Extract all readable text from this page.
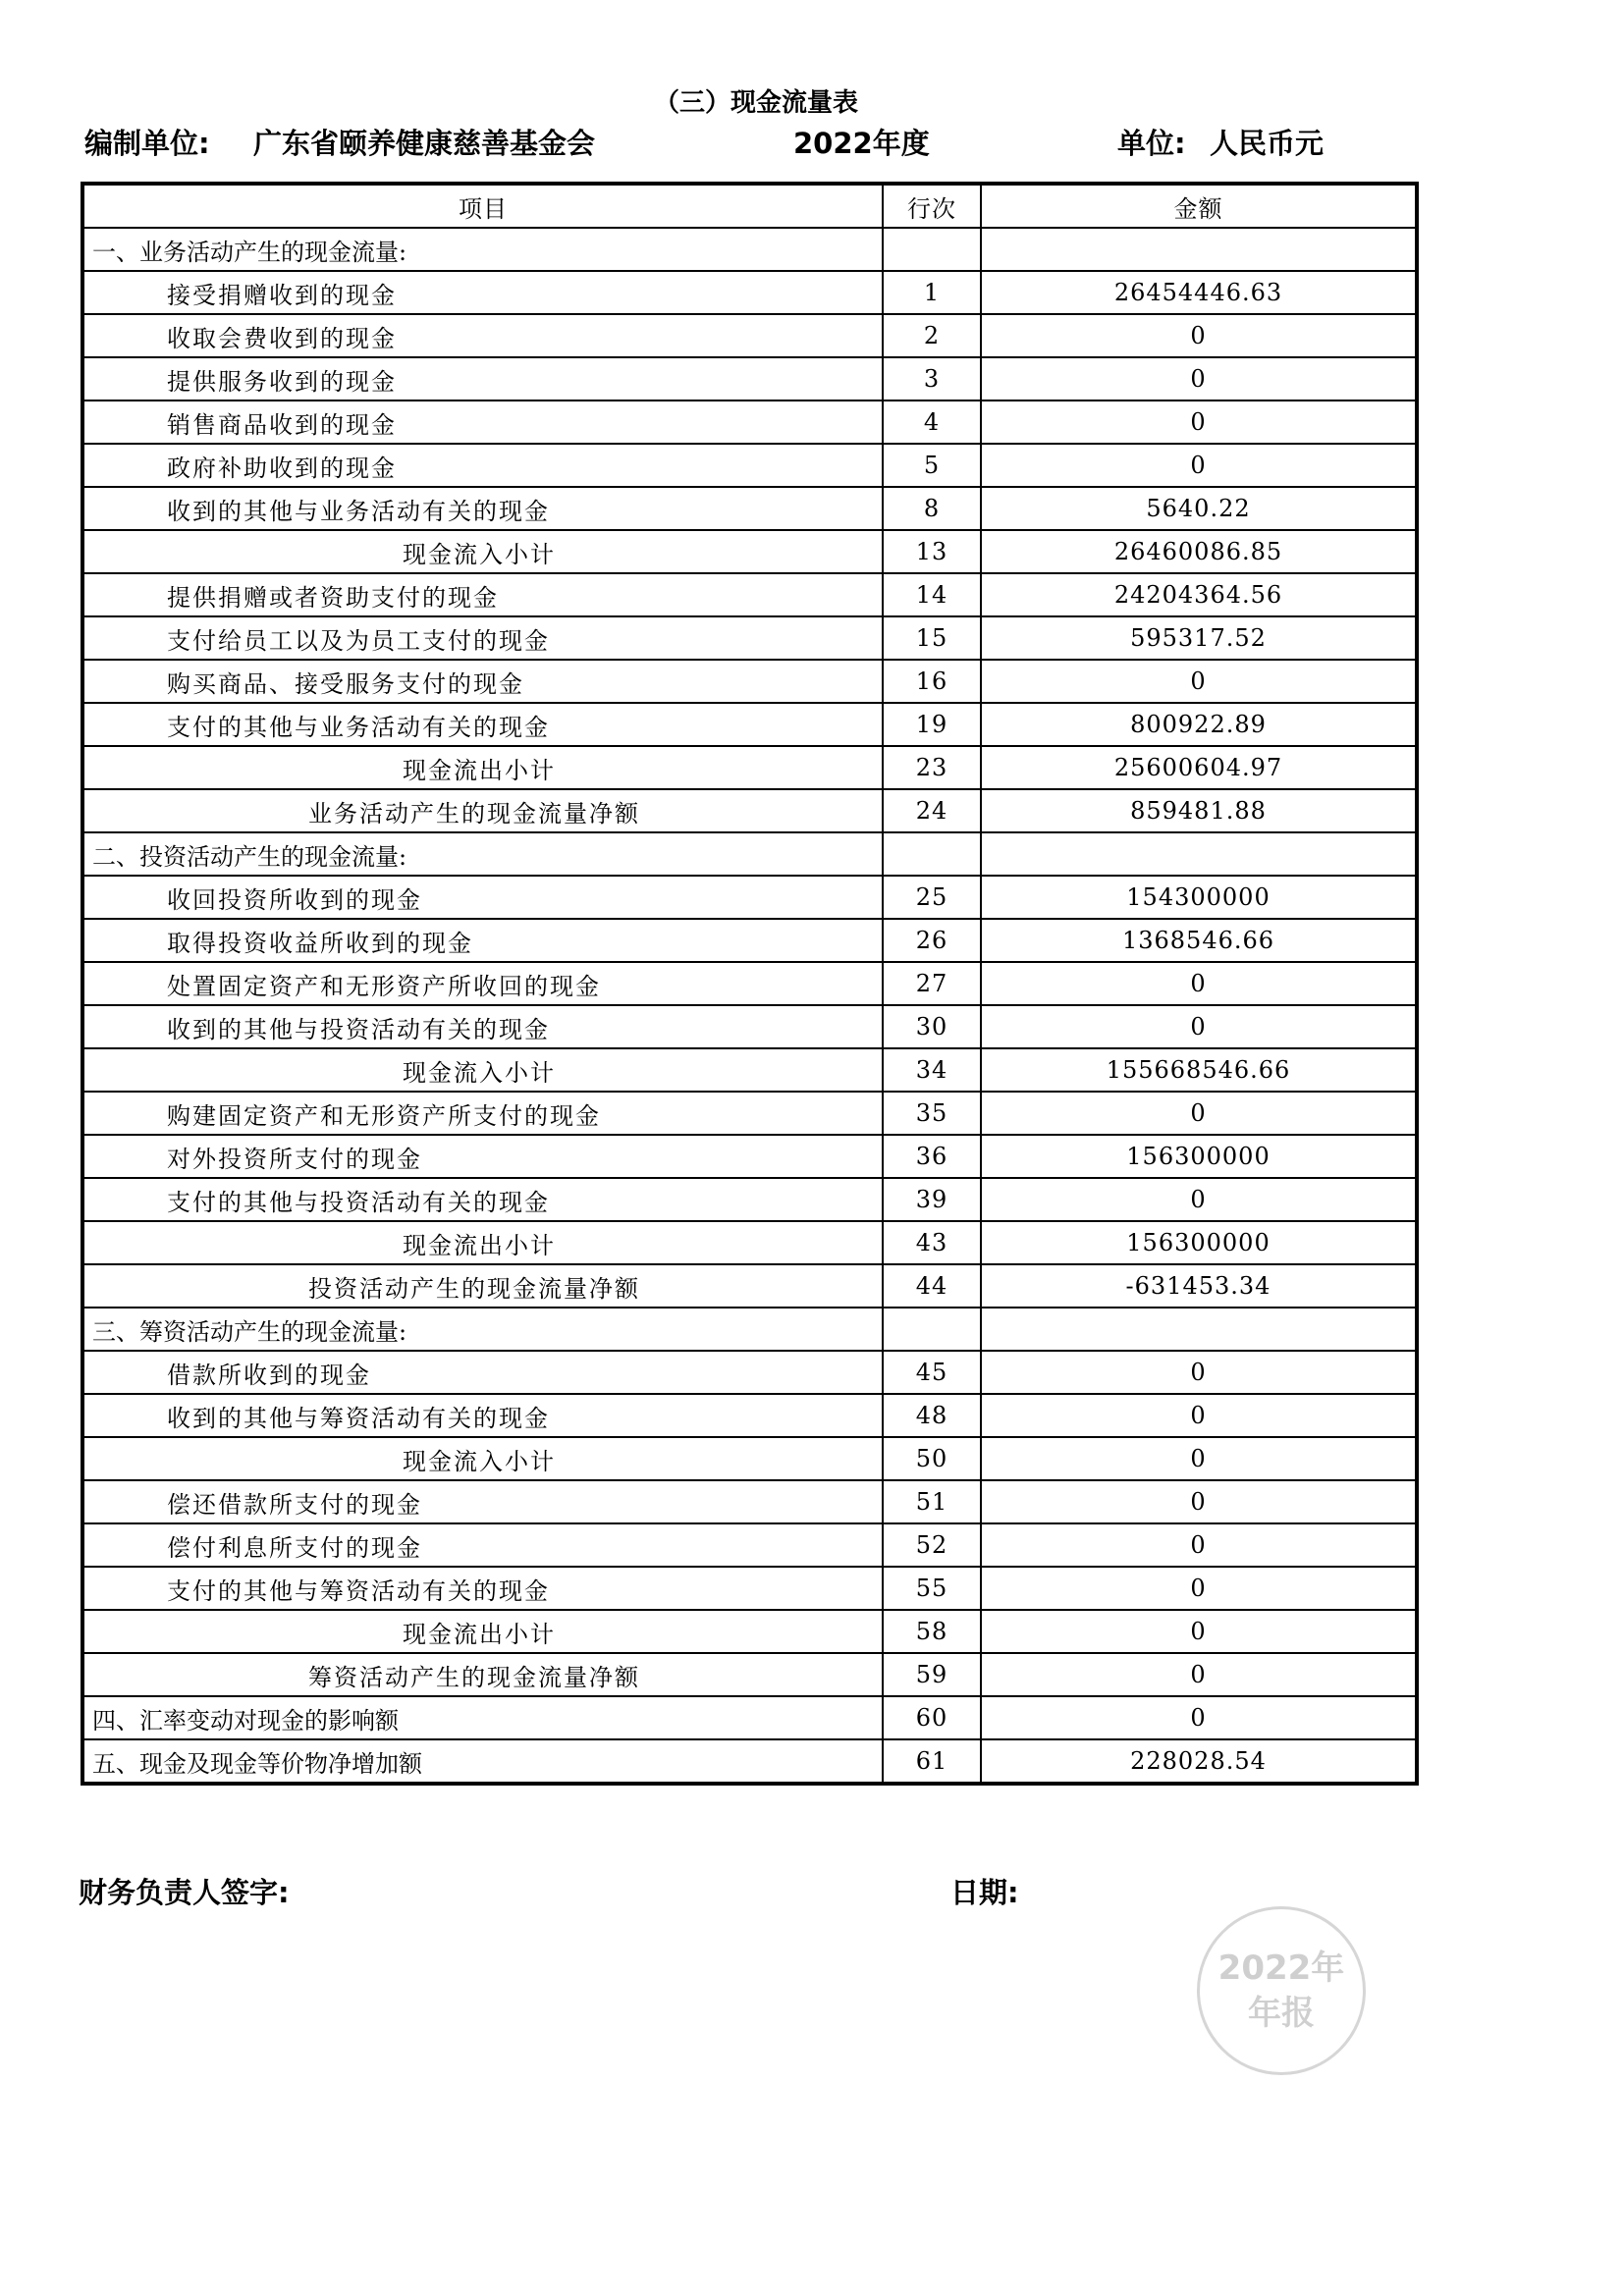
（三）现金流量表
编制单位: 广东省颐养健康慈善基金会	2022年度	单位: 人民币元
项目	行次	金额
一、业务活动产生的现金流量:		
接受捐赠收到的现金	1	26454446.63
收取会费收到的现金	2	0
提供服务收到的现金	3	0
销售商品收到的现金	4	0
政府补助收到的现金	5	0
收到的其他与业务活动有关的现金	8	5640.22
现金流入小计	13	26460086.85
提供捐赠或者资助支付的现金	14	24204364.56
支付给员工以及为员工支付的现金	15	595317.52
购买商品、接受服务支付的现金	16	0
支付的其他与业务活动有关的现金	19	800922.89
现金流出小计	23	25600604.97
业务活动产生的现金流量净额	24	859481.88
二、投资活动产生的现金流量:		
收回投资所收到的现金	25	154300000
取得投资收益所收到的现金	26	1368546.66
处置固定资产和无形资产所收回的现金	27	0
收到的其他与投资活动有关的现金	30	0
现金流入小计	34	155668546.66
购建固定资产和无形资产所支付的现金	35	0
对外投资所支付的现金	36	156300000
支付的其他与投资活动有关的现金	39	0
现金流出小计	43	156300000
投资活动产生的现金流量净额	44	-631453.34
三、筹资活动产生的现金流量:		
借款所收到的现金	45	0
收到的其他与筹资活动有关的现金	48	0
现金流入小计	50	0
偿还借款所支付的现金	51	0
偿付利息所支付的现金	52	0
支付的其他与筹资活动有关的现金	55	0
现金流出小计	58	0
筹资活动产生的现金流量净额	59	0
四、汇率变动对现金的影响额	60	0
五、现金及现金等价物净增加额	61	228028.54
财务负责人签字:	日期:
2022年
年报
